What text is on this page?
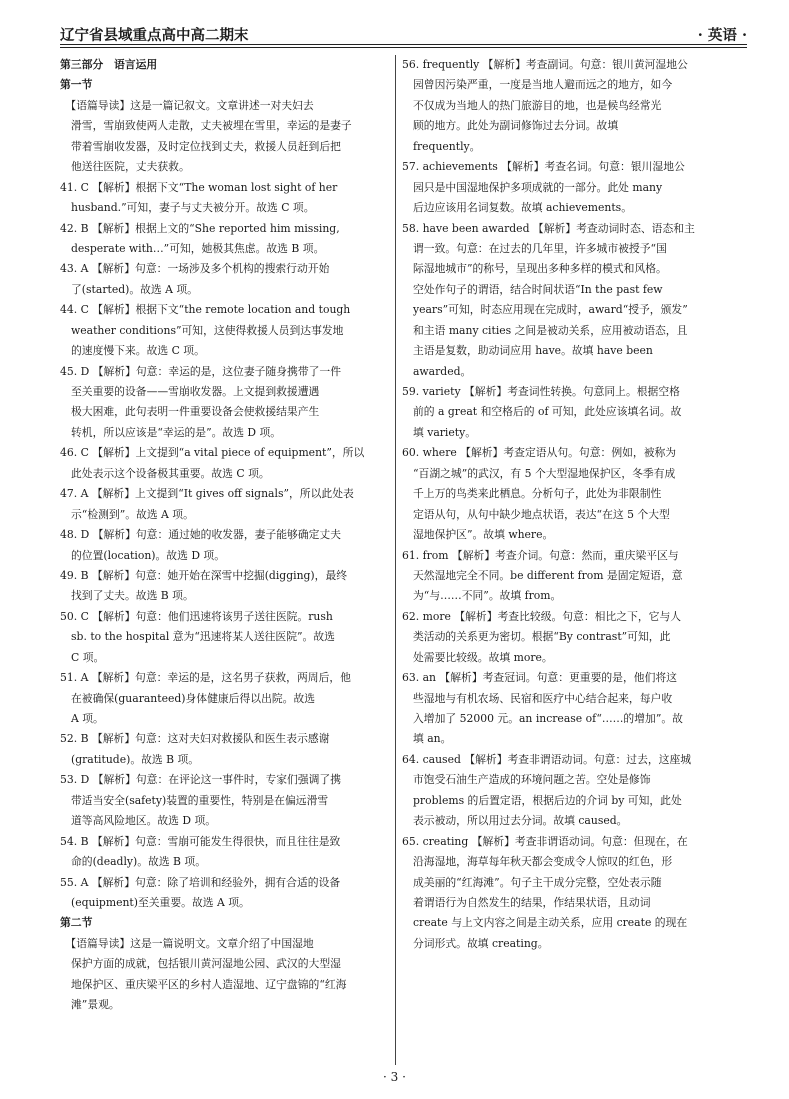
辽宁省县域重点高中高二期末	· 英语 ·
第三部分　语言运用
第一节
　【语篇导读】这是一篇记叙文。文章讲述一对夫妇去
滑雪，雪崩致使两人走散，丈夫被埋在雪里，幸运的是妻子
带着雪崩收发器，及时定位找到丈夫，救援人员赶到后把
他送往医院，丈夫获救。
41. C 【解析】根据下文“The woman lost sight of her
husband.”可知，妻子与丈夫被分开。故选 C 项。
42. B 【解析】根据上文的“She reported him missing,
desperate with…”可知，她极其焦虑。故选 B 项。
43. A 【解析】句意：一场涉及多个机构的搜索行动开始
了(started)。故选 A 项。
44. C 【解析】根据下文“the remote location and tough
weather conditions”可知，这使得救援人员到达事发地
的速度慢下来。故选 C 项。
45. D 【解析】句意：幸运的是，这位妻子随身携带了一件
至关重要的设备——雪崩收发器。上文提到救援遭遇
极大困难，此句表明一件重要设备会使救援结果产生
转机，所以应该是“幸运的是”。故选 D 项。
46. C 【解析】上文提到“a vital piece of equipment”，所以
此处表示这个设备极其重要。故选 C 项。
47. A 【解析】上文提到“It gives off signals”，所以此处表
示“检测到”。故选 A 项。
48. D 【解析】句意：通过她的收发器，妻子能够确定丈夫
的位置(location)。故选 D 项。
49. B 【解析】句意：她开始在深雪中挖掘(digging)，最终
找到了丈夫。故选 B 项。
50. C 【解析】句意：他们迅速将该男子送往医院。rush
sb. to the hospital 意为“迅速将某人送往医院”。故选
C 项。
51. A 【解析】句意：幸运的是，这名男子获救，两周后，他
在被确保(guaranteed)身体健康后得以出院。故选
A 项。
52. B 【解析】句意：这对夫妇对救援队和医生表示感谢
(gratitude)。故选 B 项。
53. D 【解析】句意：在评论这一事件时，专家们强调了携
带适当安全(safety)装置的重要性，特别是在偏远滑雪
道等高风险地区。故选 D 项。
54. B 【解析】句意：雪崩可能发生得很快，而且往往是致
命的(deadly)。故选 B 项。
55. A 【解析】句意：除了培训和经验外，拥有合适的设备
(equipment)至关重要。故选 A 项。
第二节
　【语篇导读】这是一篇说明文。文章介绍了中国湿地
保护方面的成就，包括银川黄河湿地公园、武汉的大型湿
地保护区、重庆梁平区的乡村人造湿地、辽宁盘锦的“红海
滩”景观。
56. frequently 【解析】考查副词。句意：银川黄河湿地公
园曾因污染严重，一度是当地人避而远之的地方，如今
不仅成为当地人的热门旅游目的地，也是候鸟经常光
顾的地方。此处为副词修饰过去分词。故填
frequently。
57. achievements 【解析】考查名词。句意：银川湿地公
园只是中国湿地保护多项成就的一部分。此处 many
后边应该用名词复数。故填 achievements。
58. have been awarded 【解析】考查动词时态、语态和主
谓一致。句意：在过去的几年里，许多城市被授予“国
际湿地城市”的称号，呈现出多种多样的模式和风格。
空处作句子的谓语，结合时间状语“In the past few
years”可知，时态应用现在完成时，award“授予，颁发”
和主语 many cities 之间是被动关系，应用被动语态，且
主语是复数，助动词应用 have。故填 have been
awarded。
59. variety 【解析】考查词性转换。句意同上。根据空格
前的 a great 和空格后的 of 可知，此处应该填名词。故
填 variety。
60. where 【解析】考查定语从句。句意：例如，被称为
“百湖之城”的武汉，有 5 个大型湿地保护区，冬季有成
千上万的鸟类来此栖息。分析句子，此处为非限制性
定语从句，从句中缺少地点状语，表达“在这 5 个大型
湿地保护区”。故填 where。
61. from 【解析】考查介词。句意：然而，重庆梁平区与
天然湿地完全不同。be different from 是固定短语，意
为“与……不同”。故填 from。
62. more 【解析】考查比较级。句意：相比之下，它与人
类活动的关系更为密切。根据“By contrast”可知，此
处需要比较级。故填 more。
63. an 【解析】考查冠词。句意：更重要的是，他们将这
些湿地与有机农场、民宿和医疗中心结合起来，每户收
入增加了 52000 元。an increase of“……的增加”。故
填 an。
64. caused 【解析】考查非谓语动词。句意：过去，这座城
市饱受石油生产造成的环境问题之苦。空处是修饰
problems 的后置定语，根据后边的介词 by 可知，此处
表示被动，所以用过去分词。故填 caused。
65. creating 【解析】考查非谓语动词。句意：但现在，在
沿海湿地，海草每年秋天都会变成令人惊叹的红色，形
成美丽的“红海滩”。句子主干成分完整，空处表示随
着谓语行为自然发生的结果，作结果状语，且动词
create 与上文内容之间是主动关系，应用 create 的现在
分词形式。故填 creating。
· 3 ·
